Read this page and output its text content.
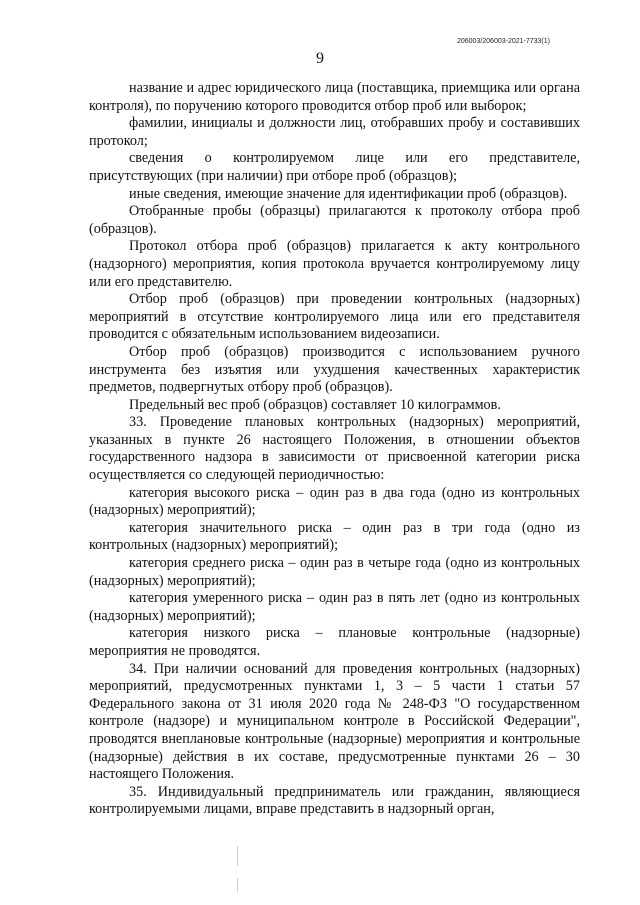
206003/206003-2021-7733(1)
9

название и адрес юридического лица (поставщика, приемщика или органа контроля), по поручению которого проводится отбор проб или выборок;

фамилии, инициалы и должности лиц, отобравших пробу и составивших протокол;

сведения о контролируемом лице или его представителе, присутствующих (при наличии) при отборе проб (образцов);

иные сведения, имеющие значение для идентификации проб (образцов).

Отобранные пробы (образцы) прилагаются к протоколу отбора проб (образцов).

Протокол отбора проб (образцов) прилагается к акту контрольного (надзорного) мероприятия, копия протокола вручается контролируемому лицу или его представителю.

Отбор проб (образцов) при проведении контрольных (надзорных) мероприятий в отсутствие контролируемого лица или его представителя проводится с обязательным использованием видеозаписи.

Отбор проб (образцов) производится с использованием ручного инструмента без изъятия или ухудшения качественных характеристик предметов, подвергнутых отбору проб (образцов).

Предельный вес проб (образцов) составляет 10 килограммов.

33. Проведение плановых контрольных (надзорных) мероприятий, указанных в пункте 26 настоящего Положения, в отношении объектов государственного надзора в зависимости от присвоенной категории риска осуществляется со следующей периодичностью:

категория высокого риска – один раз в два года (одно из контрольных (надзорных) мероприятий);

категория значительного риска – один раз в три года (одно из контрольных (надзорных) мероприятий);

категория среднего риска – один раз в четыре года (одно из контрольных (надзорных) мероприятий);

категория умеренного риска – один раз в пять лет (одно из контрольных (надзорных) мероприятий);

категория низкого риска – плановые контрольные (надзорные) мероприятия не проводятся.

34. При наличии оснований для проведения контрольных (надзорных) мероприятий, предусмотренных пунктами 1, 3 – 5 части 1 статьи 57 Федерального закона от 31 июля 2020 года № 248-ФЗ "О государственном контроле (надзоре) и муниципальном контроле в Российской Федерации", проводятся внеплановые контрольные (надзорные) мероприятия и контрольные (надзорные) действия в их составе, предусмотренные пунктами 26 – 30 настоящего Положения.

35. Индивидуальный предприниматель или гражданин, являющиеся контролируемыми лицами, вправе представить в надзорный орган,
